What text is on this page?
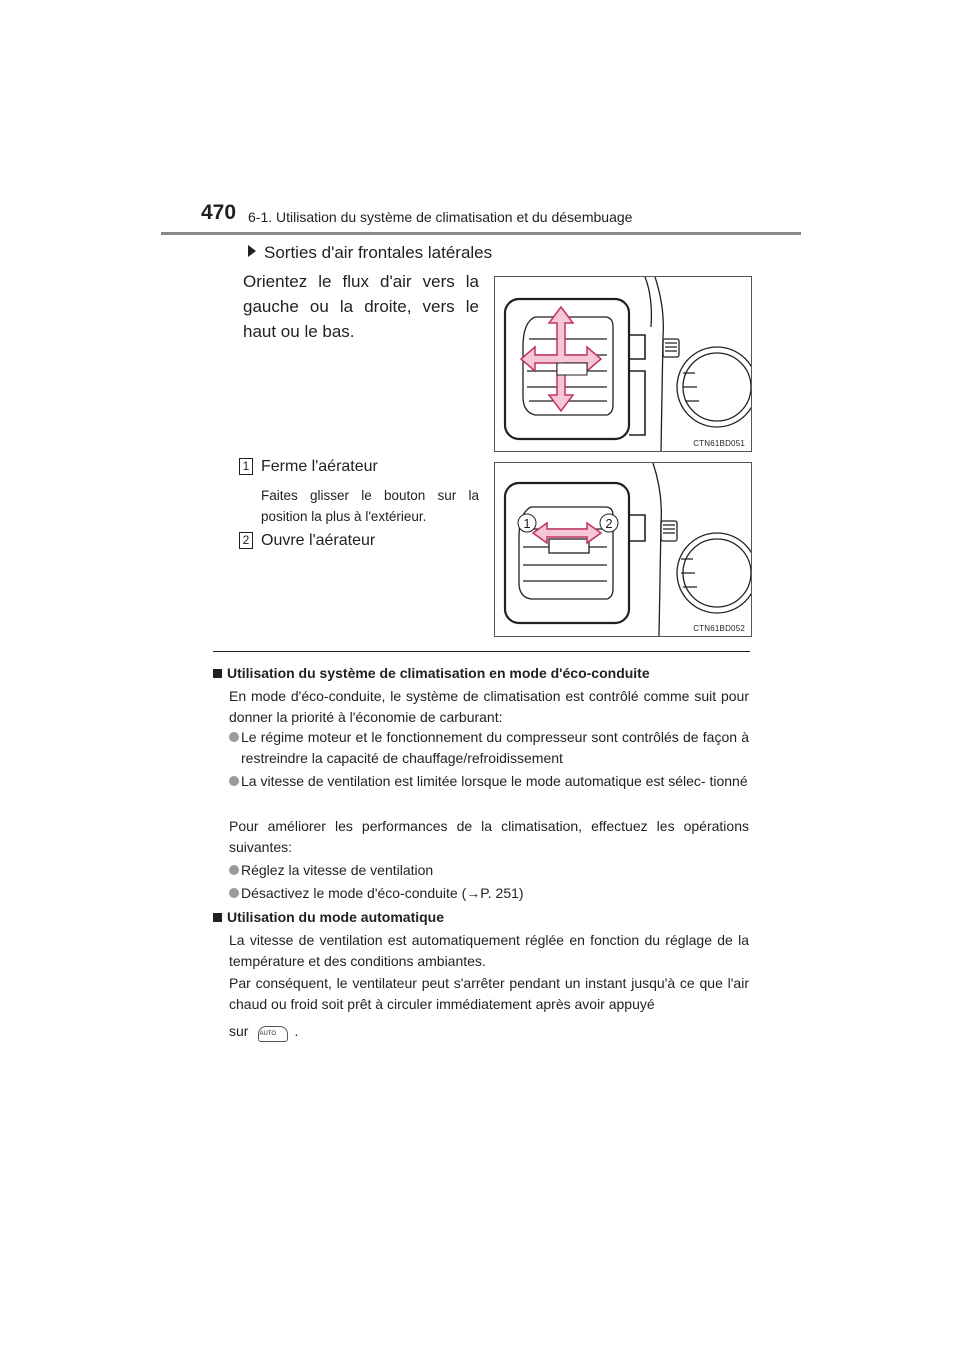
470 6-1. Utilisation du système de climatisation et du désembuage
Sorties d'air frontales latérales
Orientez le flux d'air vers la gauche ou la droite, vers le haut ou le bas.
CTN61BD051
1 Ferme l'aérateur
Faites glisser le bouton sur la position la plus à l'extérieur.
2 Ouvre l'aérateur
1	2
CTN61BD052
Utilisation du système de climatisation en mode d'éco-conduite
En mode d'éco-conduite, le système de climatisation est contrôlé comme suit pour donner la priorité à l'économie de carburant:
Le régime moteur et le fonctionnement du compresseur sont contrôlés de façon à restreindre la capacité de chauffage/refroidissement
La vitesse de ventilation est limitée lorsque le mode automatique est sélec- tionné
Pour améliorer les performances de la climatisation, effectuez les opérations suivantes:
Réglez la vitesse de ventilation
Désactivez le mode d'éco-conduite (→P. 251)
Utilisation du mode automatique
La vitesse de ventilation est automatiquement réglée en fonction du réglage de la température et des conditions ambiantes.
Par conséquent, le ventilateur peut s'arrêter pendant un instant jusqu'à ce que l'air chaud ou froid soit prêt à circuler immédiatement après avoir appuyé
sur AUTO .
